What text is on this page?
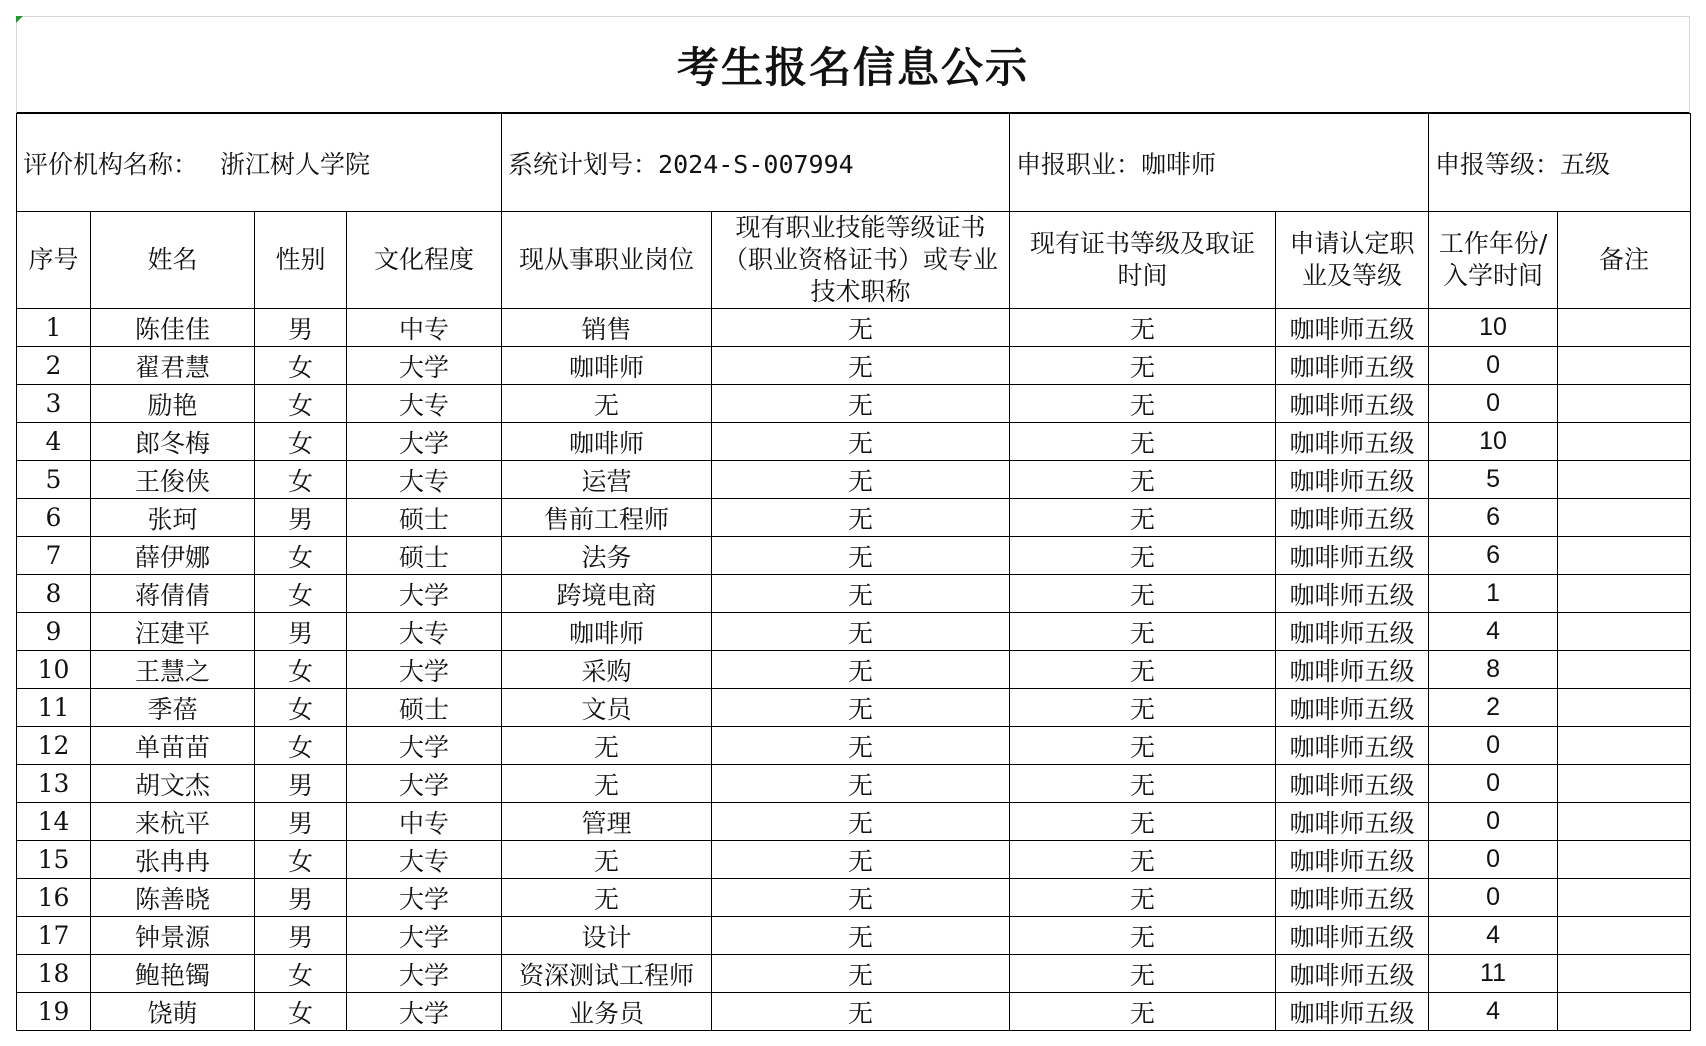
考生报名信息公示
评价机构名称： 浙江树人学院				系统计划号：2024-S-007994		申报职业：咖啡师		申报等级：五级	
序号	姓名	性别	文化程度	现从事职业岗位	现有职业技能等级证书（职业资格证书）或专业技术职称	现有证书等级及取证时间	申请认定职业及等级	工作年份/入学时间	备注
1	陈佳佳	男	中专	销售	无	无	咖啡师五级	10	
2	翟君慧	女	大学	咖啡师	无	无	咖啡师五级	0	
3	励艳	女	大专	无	无	无	咖啡师五级	0	
4	郎冬梅	女	大学	咖啡师	无	无	咖啡师五级	10	
5	王俊侠	女	大专	运营	无	无	咖啡师五级	5	
6	张珂	男	硕士	售前工程师	无	无	咖啡师五级	6	
7	薛伊娜	女	硕士	法务	无	无	咖啡师五级	6	
8	蒋倩倩	女	大学	跨境电商	无	无	咖啡师五级	1	
9	汪建平	男	大专	咖啡师	无	无	咖啡师五级	4	
10	王慧之	女	大学	采购	无	无	咖啡师五级	8	
11	季蓓	女	硕士	文员	无	无	咖啡师五级	2	
12	单苗苗	女	大学	无	无	无	咖啡师五级	0	
13	胡文杰	男	大学	无	无	无	咖啡师五级	0	
14	来杭平	男	中专	管理	无	无	咖啡师五级	0	
15	张冉冉	女	大专	无	无	无	咖啡师五级	0	
16	陈善晓	男	大学	无	无	无	咖啡师五级	0	
17	钟景源	男	大学	设计	无	无	咖啡师五级	4	
18	鲍艳镯	女	大学	资深测试工程师	无	无	咖啡师五级	11	
19	饶萌	女	大学	业务员	无	无	咖啡师五级	4	
